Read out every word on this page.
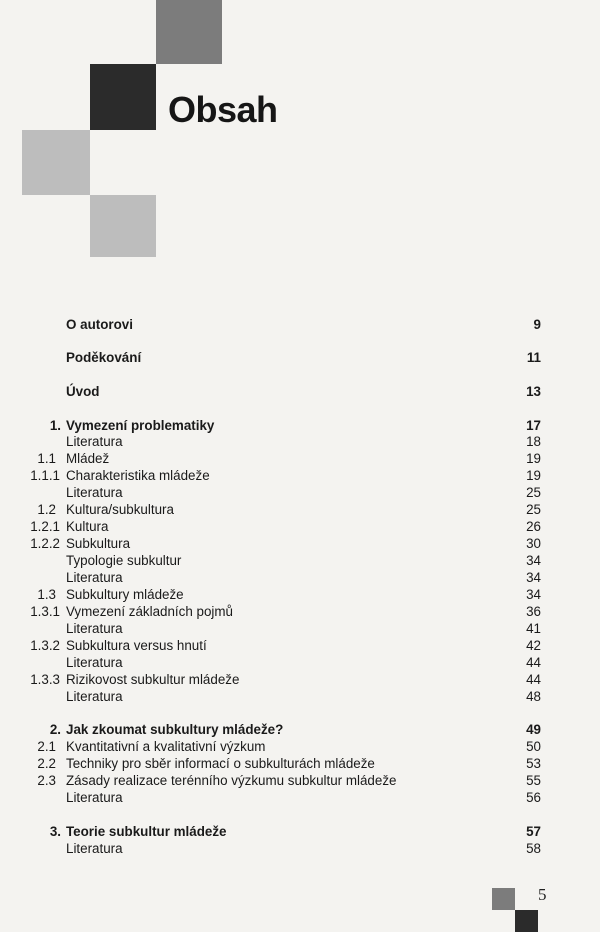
Obsah
O autorovi	9
Poděkování	11
Úvod	13
1. Vymezení problematiky	17
Literatura	18
1.1 Mládež	19
1.1.1 Charakteristika mládeže	19
Literatura	25
1.2 Kultura/subkultura	25
1.2.1 Kultura	26
1.2.2 Subkultura	30
Typologie subkultur	34
Literatura	34
1.3 Subkultury mládeže	34
1.3.1 Vymezení základních pojmů	36
Literatura	41
1.3.2 Subkultura versus hnutí	42
Literatura	44
1.3.3 Rizikovost subkultur mládeže	44
Literatura	48
2. Jak zkoumat subkultury mládeže?	49
2.1 Kvantitativní a kvalitativní výzkum	50
2.2 Techniky pro sběr informací o subkulturách mládeže	53
2.3 Zásady realizace terénního výzkumu subkultur mládeže	55
Literatura	56
3. Teorie subkultur mládeže	57
Literatura	58
5
